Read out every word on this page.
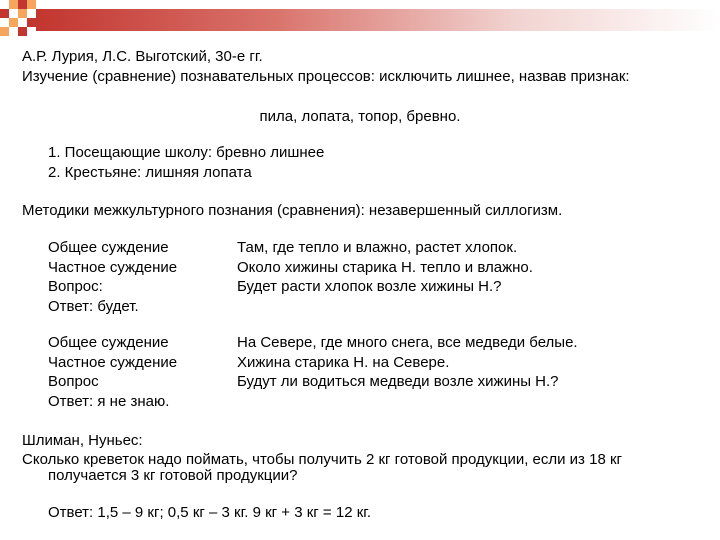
А.Р. Лурия, Л.С. Выготский, 30-е гг.
Изучение (сравнение) познавательных процессов: исключить лишнее, назвав признак:
пила, лопата, топор, бревно.
1. Посещающие школу: бревно лишнее
2. Крестьяне: лишняя лопата
Методики межкультурного познания (сравнения): незавершенный силлогизм.
Общее суждение
Частное суждение
Вопрос:
Ответ: будет.
Там, где тепло и влажно, растет хлопок.
Около хижины старика Н. тепло и влажно.
Будет расти хлопок возле хижины Н.?
Общее суждение
Частное суждение
Вопрос
Ответ: я не знаю.
На Севере, где много снега, все медведи белые.
Хижина старика Н. на Севере.
Будут ли водиться медведи возле хижины Н.?
Шлиман, Нуньес:
Сколько креветок надо поймать, чтобы получить 2 кг готовой продукции, если из 18 кг
получается 3 кг готовой продукции?
Ответ: 1,5 – 9 кг; 0,5 кг – 3 кг. 9 кг + 3 кг = 12 кг.
